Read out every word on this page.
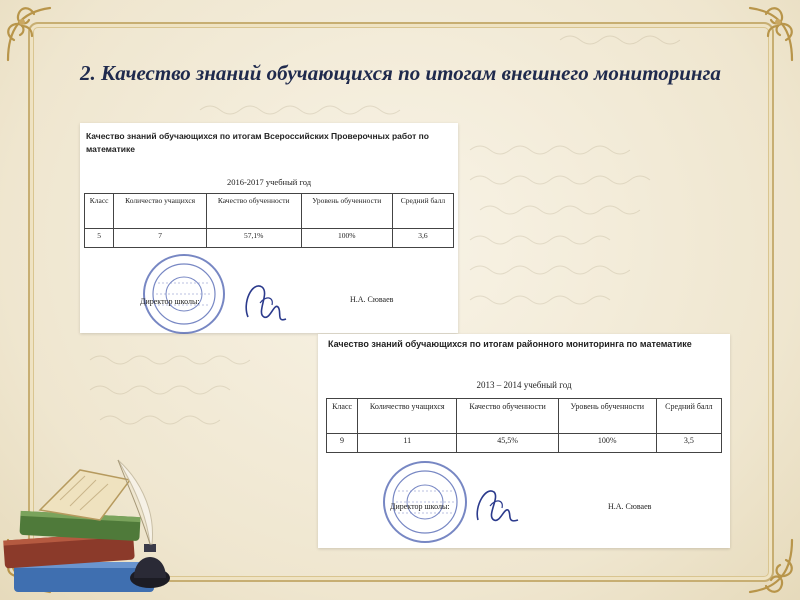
2. Качество знаний обучающихся по итогам внешнего мониторинга
Качество знаний обучающихся по итогам Всероссийских Проверочных работ по математике
2016-2017 учебный год
Класс	Количество учащихся	Качество обученности	Уровень обученности	Средний балл
5	7	57,1%	100%	3,6
Директор школы:	Н.А. Сюваев
Качество знаний обучающихся по итогам районного мониторинга по математике
2013 – 2014 учебный год
Класс	Количество учащихся	Качество обученности	Уровень обученности	Средний балл
9	11	45,5%	100%	3,5
Директор школы:	Н.А. Сюваев
